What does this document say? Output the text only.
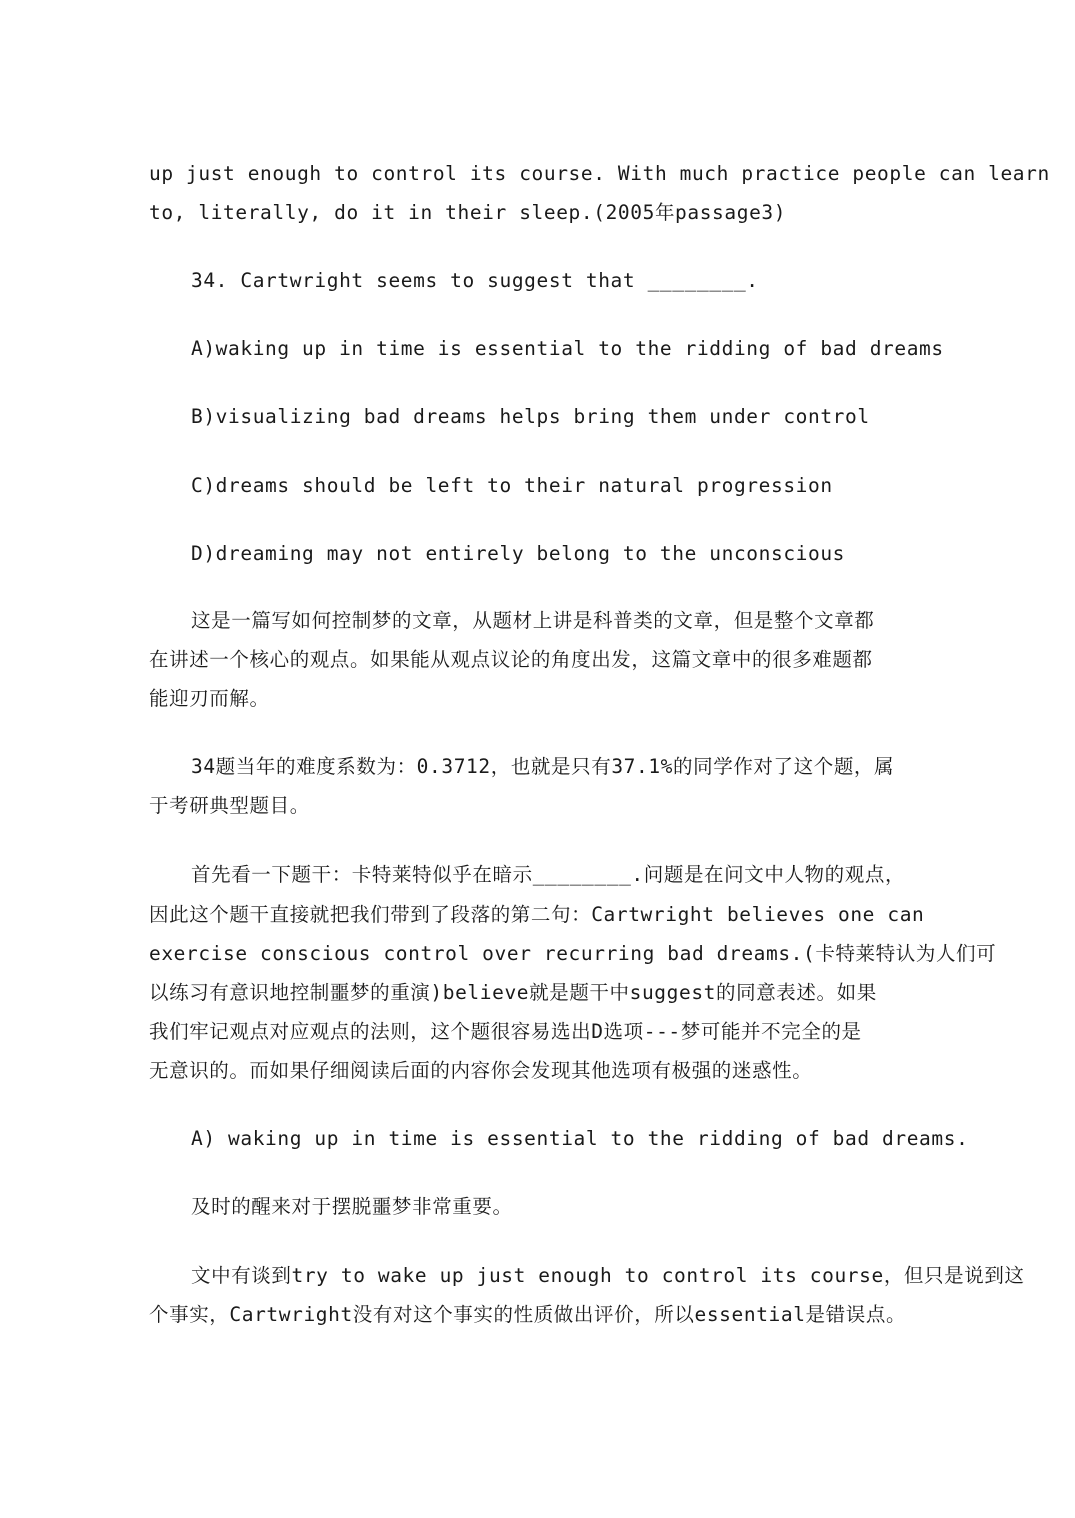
up just enough to control its course. With much practice people can learn
to, literally, do it in their sleep.(2005年passage3)
34. Cartwright seems to suggest that ________.
A)waking up in time is essential to the ridding of bad dreams
B)visualizing bad dreams helps bring them under control
C)dreams should be left to their natural progression
D)dreaming may not entirely belong to the unconscious
这是一篇写如何控制梦的文章，从题材上讲是科普类的文章，但是整个文章都
在讲述一个核心的观点。如果能从观点议论的角度出发，这篇文章中的很多难题都
能迎刃而解。
34题当年的难度系数为：0.3712，也就是只有37.1%的同学作对了这个题，属
于考研典型题目。
首先看一下题干：卡特莱特似乎在暗示________.问题是在问文中人物的观点，
因此这个题干直接就把我们带到了段落的第二句：Cartwright believes one can
exercise conscious control over recurring bad dreams.(卡特莱特认为人们可
以练习有意识地控制噩梦的重演)believe就是题干中suggest的同意表述。如果
我们牢记观点对应观点的法则，这个题很容易选出D选项---梦可能并不完全的是
无意识的。而如果仔细阅读后面的内容你会发现其他选项有极强的迷惑性。
A) waking up in time is essential to the ridding of bad dreams.
及时的醒来对于摆脱噩梦非常重要。
文中有谈到try to wake up just enough to control its course，但只是说到这
个事实，Cartwright没有对这个事实的性质做出评价，所以essential是错误点。
